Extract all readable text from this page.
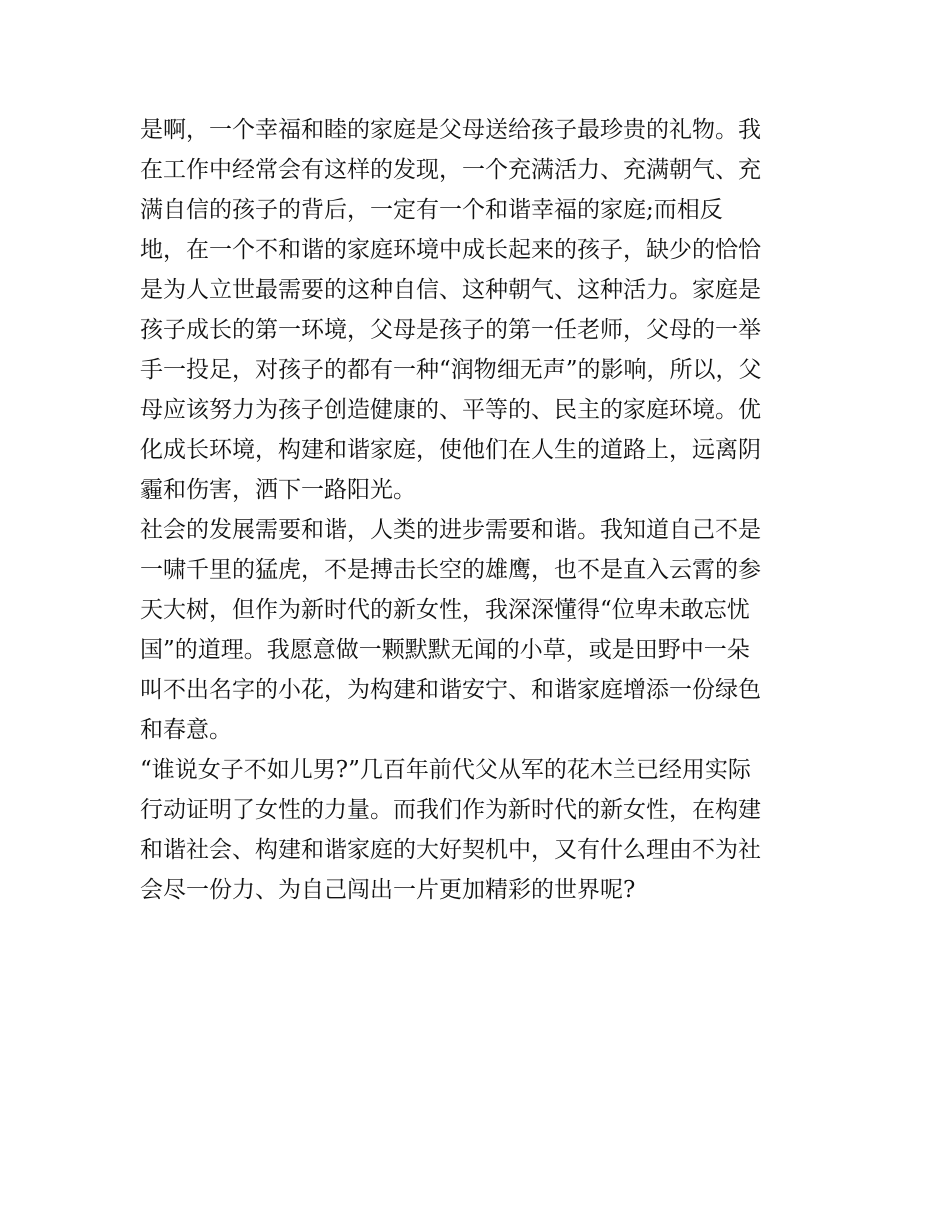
是啊，一个幸福和睦的家庭是父母送给孩子最珍贵的礼物。我
在工作中经常会有这样的发现，一个充满活力、充满朝气、充
满自信的孩子的背后，一定有一个和谐幸福的家庭;而相反
地，在一个不和谐的家庭环境中成长起来的孩子，缺少的恰恰
是为人立世最需要的这种自信、这种朝气、这种活力。家庭是
孩子成长的第一环境，父母是孩子的第一任老师，父母的一举
手一投足，对孩子的都有一种“润物细无声”的影响，所以，父
母应该努力为孩子创造健康的、平等的、民主的家庭环境。优
化成长环境，构建和谐家庭，使他们在人生的道路上，远离阴
霾和伤害，洒下一路阳光。
社会的发展需要和谐，人类的进步需要和谐。我知道自己不是
一啸千里的猛虎，不是搏击长空的雄鹰，也不是直入云霄的参
天大树，但作为新时代的新女性，我深深懂得“位卑未敢忘忧
国”的道理。我愿意做一颗默默无闻的小草，或是田野中一朵
叫不出名字的小花，为构建和谐安宁、和谐家庭增添一份绿色
和春意。
“谁说女子不如儿男?”几百年前代父从军的花木兰已经用实际
行动证明了女性的力量。而我们作为新时代的新女性，在构建
和谐社会、构建和谐家庭的大好契机中，又有什么理由不为社
会尽一份力、为自己闯出一片更加精彩的世界呢?
